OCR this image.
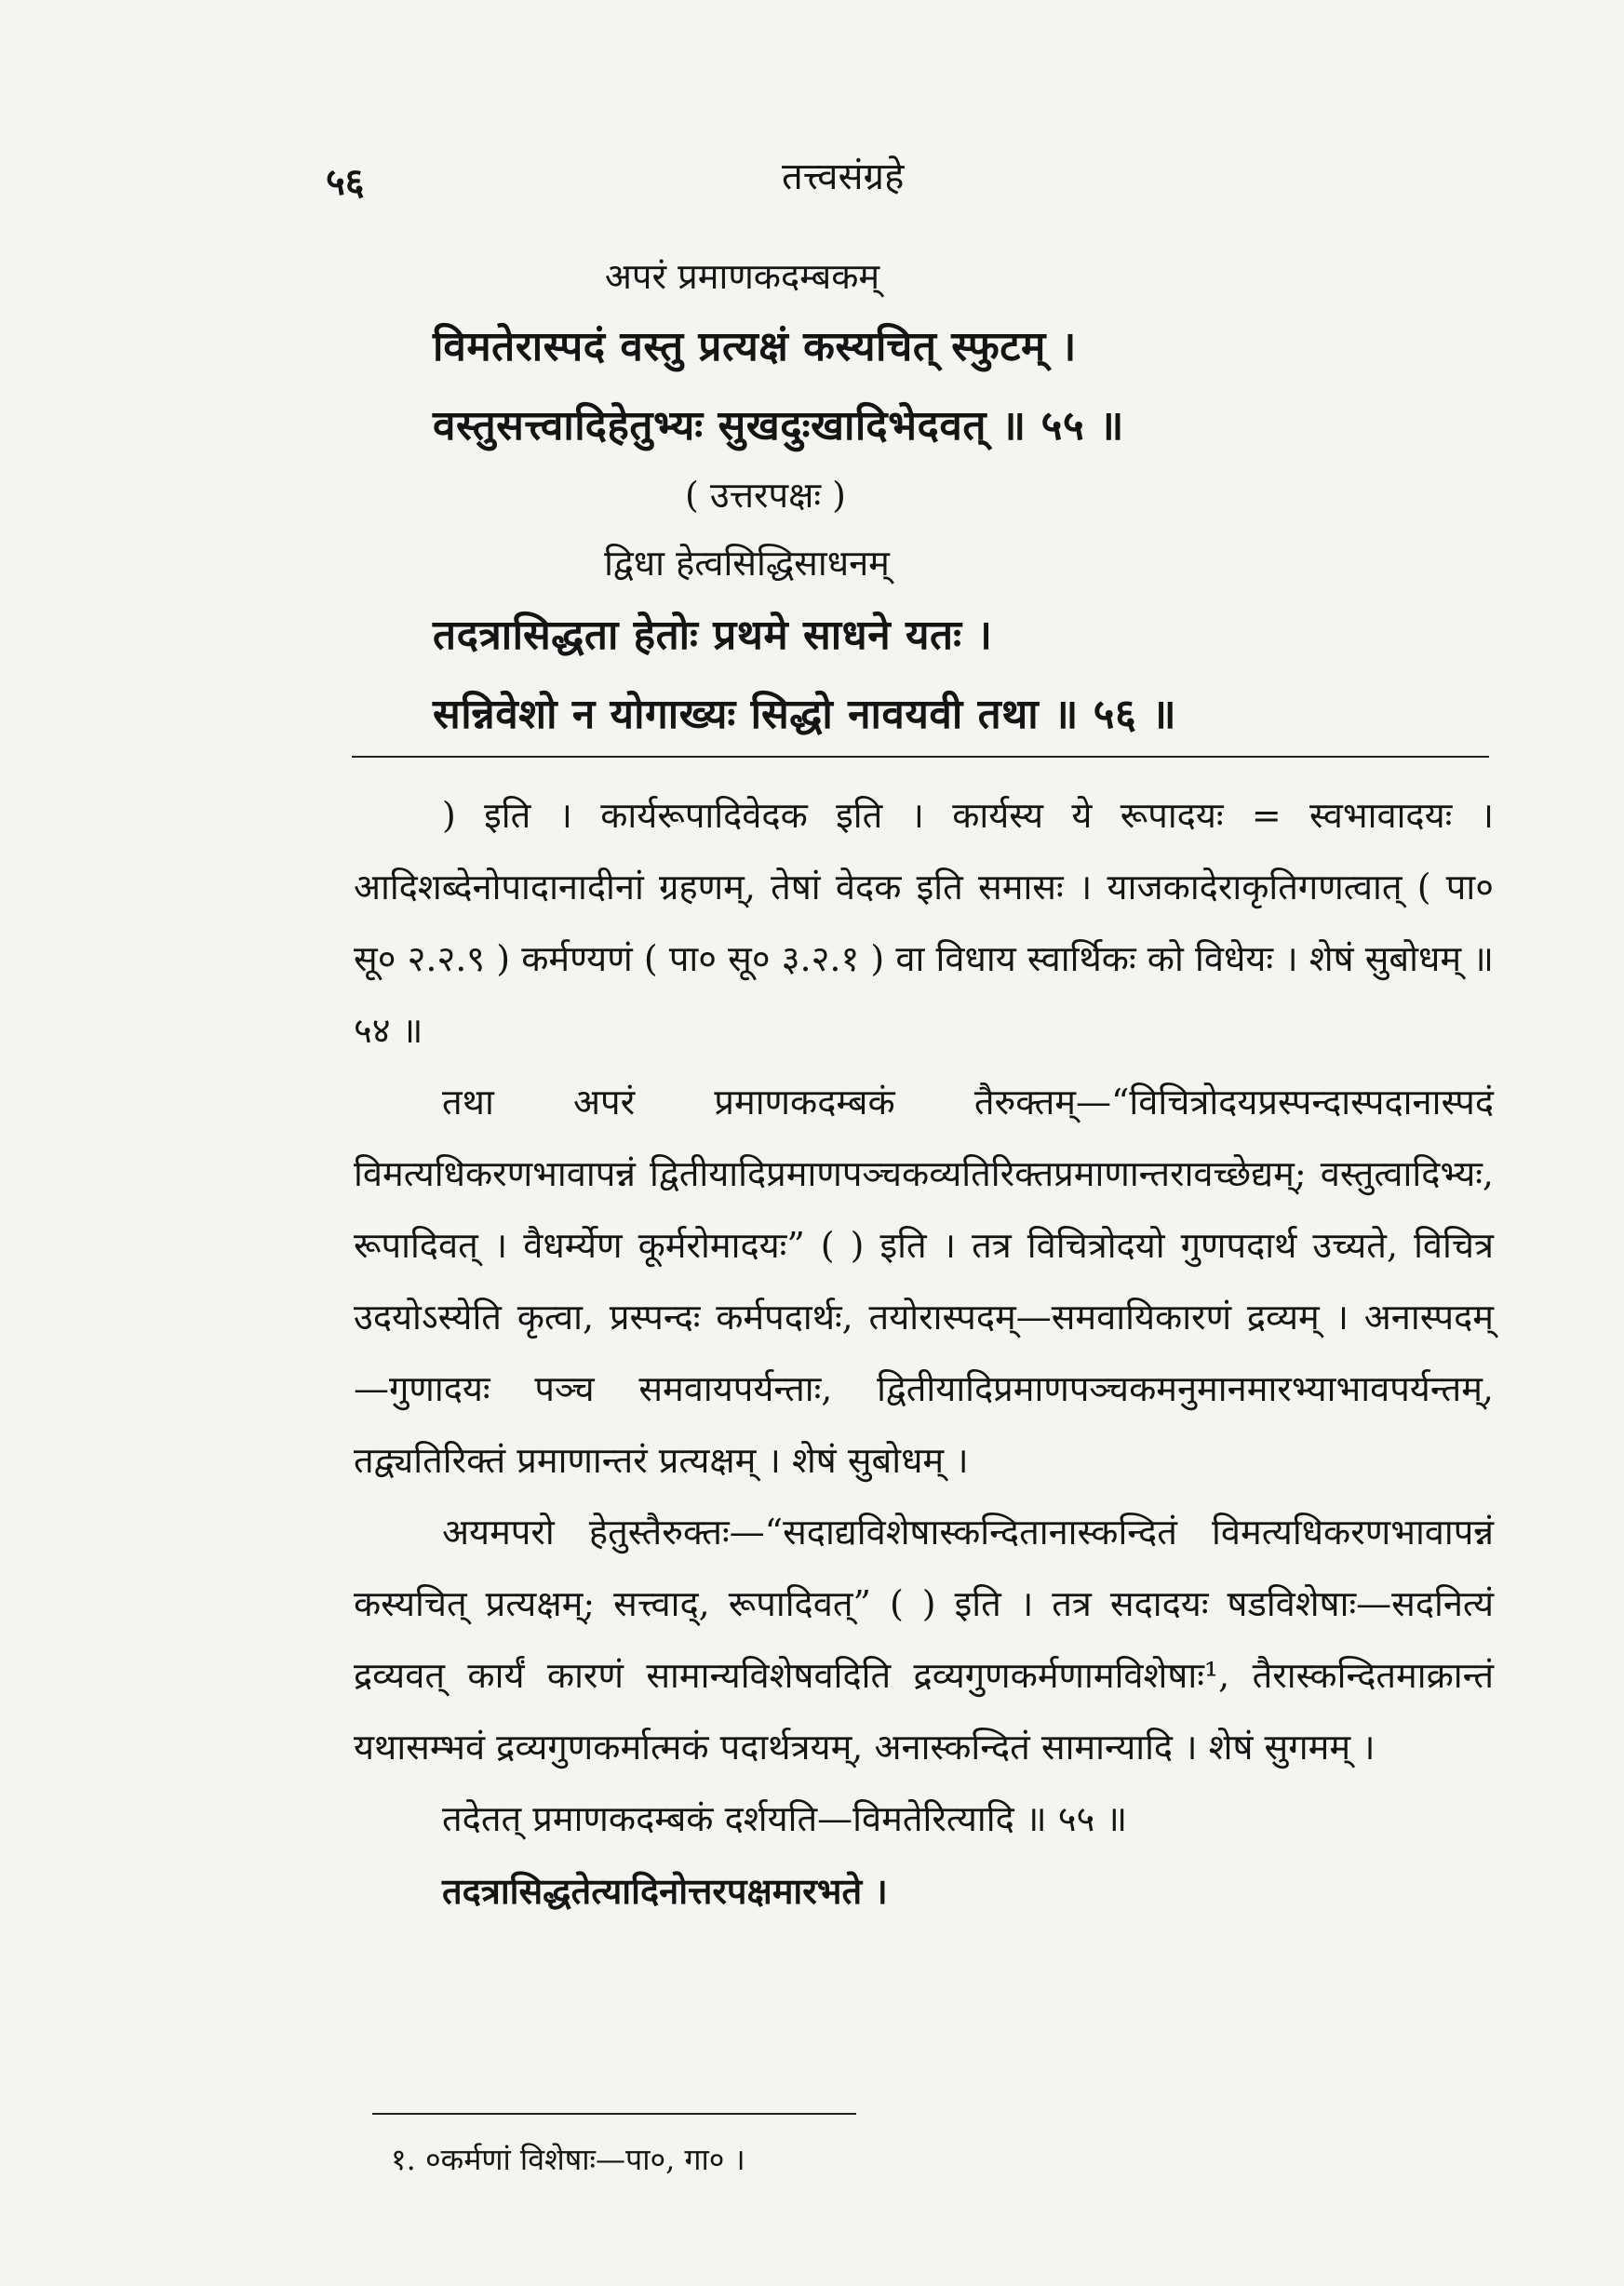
५६	तत्त्वसंग्रहे
अपरं प्रमाणकदम्बकम्
विमतेरास्पदं वस्तु प्रत्यक्षं कस्यचित् स्फुटम् ।
वस्तुसत्त्वादिहेतुभ्यः सुखदुःखादिभेदवत् ॥ ५५ ॥
( उत्तरपक्षः )
द्विधा हेत्वसिद्धिसाधनम्
तदत्रासिद्धता हेतोः प्रथमे साधने यतः ।
सन्निवेशो न योगाख्यः सिद्धो नावयवी तथा ॥ ५६ ॥

) इति । कार्यरूपादिवेदक इति । कार्यस्य ये रूपादयः = स्वभावादयः । आदिशब्देनोपादानादीनां ग्रहणम्, तेषां वेदक इति समासः । याजकादेराकृतिगणत्वात् ( पा० सू० २.२.९ ) कर्मण्यणं ( पा० सू० ३.२.१ ) वा विधाय स्वार्थिकः को विधेयः । शेषं सुबोधम् ॥ ५४ ॥

तथा अपरं प्रमाणकदम्बकं तैरुक्तम्—“विचित्रोदयप्रस्पन्दास्पदानास्पदं विमत्यधिकरणभावापन्नं द्वितीयादिप्रमाणपञ्चकव्यतिरिक्तप्रमाणान्तरावच्छेद्यम्; वस्तुत्वादिभ्यः, रूपादिवत् । वैधर्म्येण कूर्मरोमादयः” ( ) इति । तत्र विचित्रोदयो गुणपदार्थ उच्यते, विचित्र उदयोऽस्येति कृत्वा, प्रस्पन्दः कर्मपदार्थः, तयोरास्पदम्—समवायिकारणं द्रव्यम् । अनास्पदम्—गुणादयः पञ्च समवायपर्यन्ताः, द्वितीयादिप्रमाणपञ्चकमनुमानमारभ्याभावपर्यन्तम्, तद्व्यतिरिक्तं प्रमाणान्तरं प्रत्यक्षम् । शेषं सुबोधम् ।

अयमपरो हेतुस्तैरुक्तः—“सदाद्यविशेषास्कन्दितानास्कन्दितं विमत्यधिकरणभावापन्नं कस्यचित् प्रत्यक्षम्; सत्त्वाद्, रूपादिवत्” ( ) इति । तत्र सदादयः षडविशेषाः—सदनित्यं द्रव्यवत् कार्यं कारणं सामान्यविशेषवदिति द्रव्यगुणकर्मणामविशेषाः¹, तैरास्कन्दितमाक्रान्तं यथासम्भवं द्रव्यगुणकर्मात्मकं पदार्थत्रयम्, अनास्कन्दितं सामान्यादि । शेषं सुगमम् ।

तदेतत् प्रमाणकदम्बकं दर्शयति—विमतेरित्यादि ॥ ५५ ॥

तदत्रासिद्धतेत्यादिनोत्तरपक्षमारभते ।

१. ०कर्मणां विशेषाः—पा०, गा० ।
